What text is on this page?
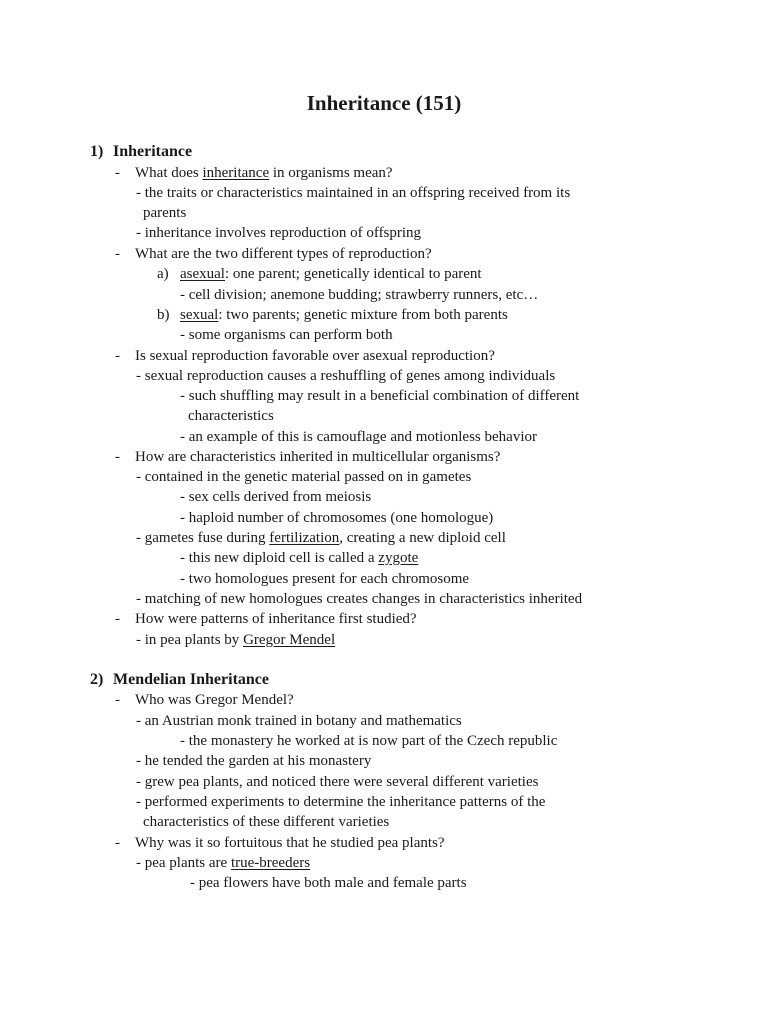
Inheritance (151)
1) Inheritance
- What does inheritance in organisms mean?
- the traits or characteristics maintained in an offspring received from its
parents
- inheritance involves reproduction of offspring
- What are the two different types of reproduction?
a) asexual: one parent; genetically identical to parent
- cell division; anemone budding; strawberry runners, etc…
b) sexual: two parents; genetic mixture from both parents
- some organisms can perform both
- Is sexual reproduction favorable over asexual reproduction?
- sexual reproduction causes a reshuffling of genes among individuals
- such shuffling may result in a beneficial combination of different
characteristics
- an example of this is camouflage and motionless behavior
- How are characteristics inherited in multicellular organisms?
- contained in the genetic material passed on in gametes
- sex cells derived from meiosis
- haploid number of chromosomes (one homologue)
- gametes fuse during fertilization, creating a new diploid cell
- this new diploid cell is called a zygote
- two homologues present for each chromosome
- matching of new homologues creates changes in characteristics inherited
- How were patterns of inheritance first studied?
- in pea plants by Gregor Mendel
2) Mendelian Inheritance
- Who was Gregor Mendel?
- an Austrian monk trained in botany and mathematics
- the monastery he worked at is now part of the Czech republic
- he tended the garden at his monastery
- grew pea plants, and noticed there were several different varieties
- performed experiments to determine the inheritance patterns of the
characteristics of these different varieties
- Why was it so fortuitous that he studied pea plants?
- pea plants are true-breeders
- pea flowers have both male and female parts
